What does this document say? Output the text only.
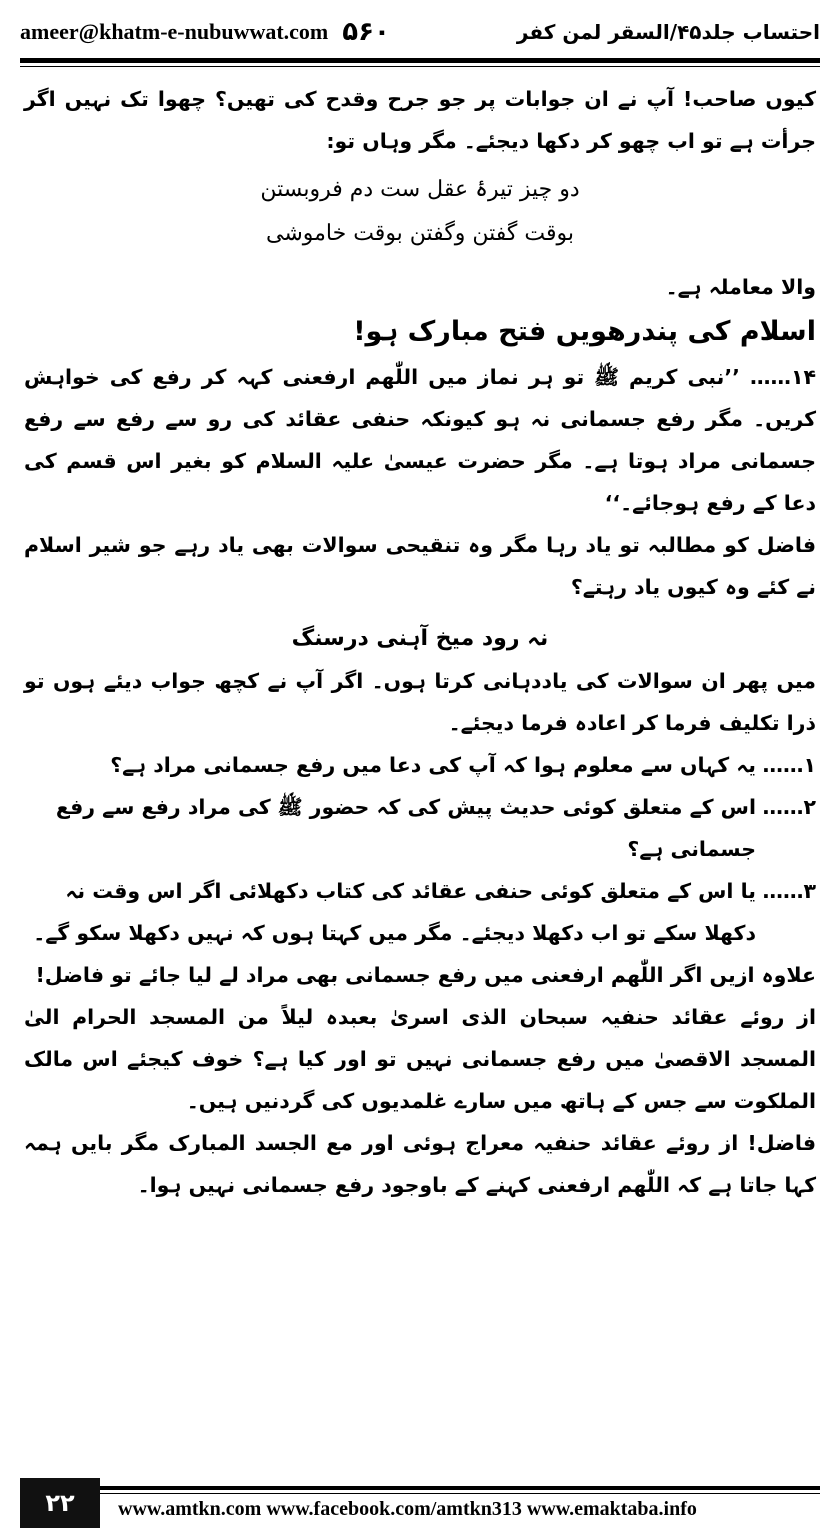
ameer@khatm-e-nubuwwat.com ۵۶۰	احتساب جلد۴۵/السقر لمن کفر

کیوں صاحب! آپ نے ان جوابات پر جو جرح وقدح کی تھیں؟ چھوا تک نہیں اگر جرأت ہے تو اب چھو کر دکھا دیجئے۔ مگر وہاں تو:

دو چیز تیرۂ عقل ست دم فروبستن

بوقت گفتن وگفتن بوقت خاموشی

والا معاملہ ہے۔

اسلام کی پندرھویں فتح مبارک ہو!

۱۴…… ’’نبی کریم ﷺ تو ہر نماز میں اللّٰھم ارفعنی کہہ کر رفع کی خواہش کریں۔ مگر رفع جسمانی نہ ہو کیونکہ حنفی عقائد کی رو سے رفع سے رفع جسمانی مراد ہوتا ہے۔ مگر حضرت عیسیٰ علیہ السلام کو بغیر اس قسم کی دعا کے رفع ہوجائے۔‘‘

فاضل کو مطالبہ تو یاد رہا مگر وہ تنقیحی سوالات بھی یاد رہے جو شیر اسلام نے کئے وہ کیوں یاد رہتے؟

نہ رود میخ آہنی درسنگ

میں پھر ان سوالات کی یاددہانی کرتا ہوں۔ اگر آپ نے کچھ جواب دیئے ہوں تو ذرا تکلیف فرما کر اعادہ فرما دیجئے۔

۱……
یہ کہاں سے معلوم ہوا کہ آپ کی دعا میں رفع جسمانی مراد ہے؟
۲……
اس کے متعلق کوئی حدیث پیش کی کہ حضور ﷺ کی مراد رفع سے رفع جسمانی ہے؟
۳……
یا اس کے متعلق کوئی حنفی عقائد کی کتاب دکھلائی اگر اس وقت نہ دکھلا سکے تو اب دکھلا دیجئے۔ مگر میں کہتا ہوں کہ نہیں دکھلا سکو گے۔

علاوہ ازیں اگر اللّٰھم ارفعنی میں رفع جسمانی بھی مراد لے لیا جائے تو فاضل!

از روئے عقائد حنفیہ سبحان الذی اسریٰ بعبدہ لیلاً من المسجد الحرام الیٰ المسجد الاقصیٰ میں رفع جسمانی نہیں تو اور کیا ہے؟ خوف کیجئے اس مالک الملکوت سے جس کے ہاتھ میں سارے غلمدیوں کی گردنیں ہیں۔

فاضل! از روئے عقائد حنفیہ معراج ہوئی اور مع الجسد المبارک مگر بایں ہمہ کہا جاتا ہے کہ اللّٰھم ارفعنی کہنے کے باوجود رفع جسمانی نہیں ہوا۔

۲۲	www.amtkn.com www.facebook.com/amtkn313 www.emaktaba.info
